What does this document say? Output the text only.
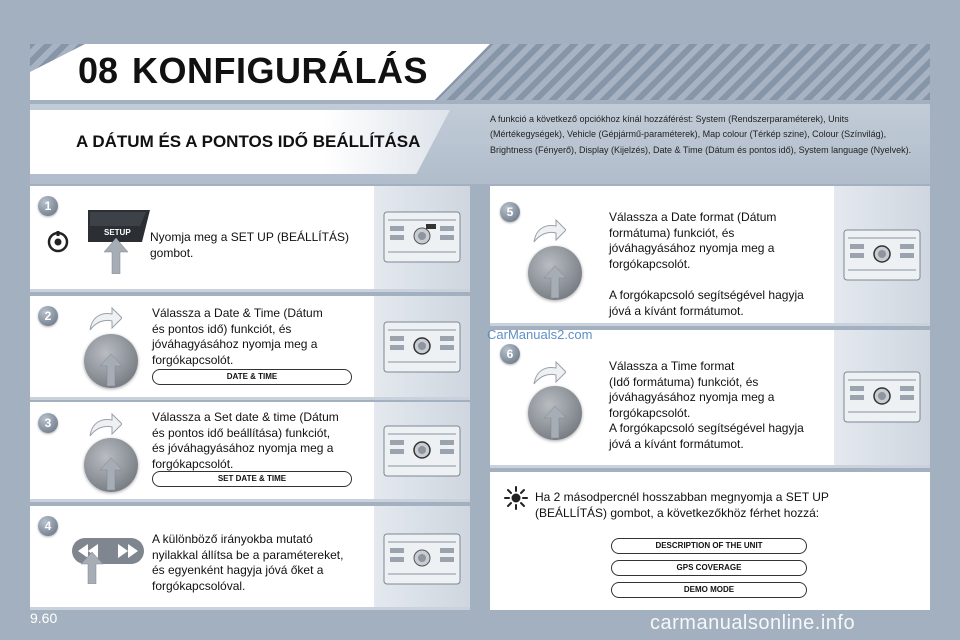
08 KONFIGURÁLÁS
A DÁTUM ÉS A PONTOS IDŐ BEÁLLÍTÁSA
A funkció a következő opciókhoz kínál hozzáférést: System (Rendszerparaméterek), Units (Mértékegységek), Vehicle (Gépjármű-paraméterek), Map colour (Térkép szine), Colour (Színvilág), Brightness (Fényerő), Display (Kijelzés), Date & Time (Dátum és pontos idő), System language (Nyelvek).
1
SETUP Nyomja meg a SET UP (BEÁLLÍTÁS) gombot.
2	Válassza a Date & Time (Dátum
és pontos idő) funkciót, és
jóváhagyásához nyomja meg a
forgókapcsolót.
DATE & TIME
3	Válassza a Set date & time (Dátum
és pontos idő beállítása) funkciót,
és jóváhagyásához nyomja meg a
forgókapcsolót.
SET DATE & TIME
4
A különböző irányokba mutató
nyilakkal állítsa be a paramétereket,
és egyenként hagyja jóvá őket a
forgókapcsolóval.
5	Válassza a Date format (Dátum
formátuma) funkciót, és
jóváhagyásához nyomja meg a
forgókapcsolót.

A forgókapcsoló segítségével hagyja
jóvá a kívánt formátumot.
6
Válassza a Time format
(Idő formátuma) funkciót, és
jóváhagyásához nyomja meg a
forgókapcsolót.
A forgókapcsoló segítségével hagyja
jóvá a kívánt formátumot.
Ha 2 másodpercnél hosszabban megnyomja a SET UP
(BEÁLLÍTÁS) gombot, a következőkhöz férhet hozzá:
DESCRIPTION OF THE UNIT
GPS COVERAGE
DEMO MODE
9.60
CarManuals2.com
carmanualsonline.info
